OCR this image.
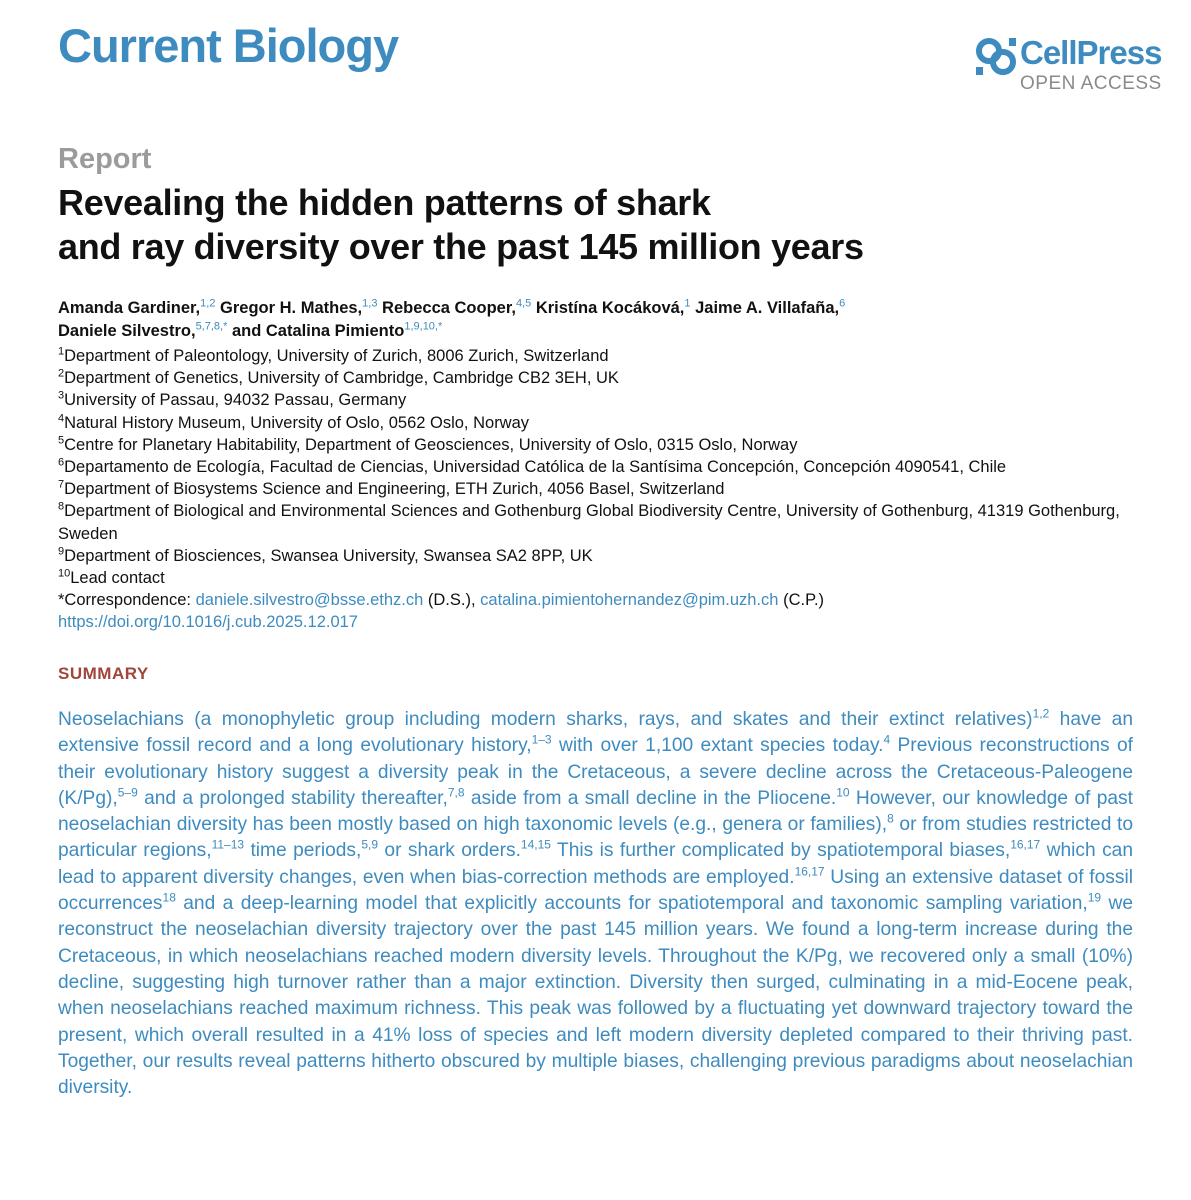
Current Biology	CellPress
OPEN ACCESS
Report
Revealing the hidden patterns of shark
and ray diversity over the past 145 million years
Amanda Gardiner,$^{1,2}$ Gregor H. Mathes,$^{1,3}$ Rebecca Cooper,$^{4,5}$ Kristína Kocáková,$^1$ Jaime A. Villafaña,$^6$
Daniele Silvestro,$^{5,7,8,*}$ and Catalina Pimiento$^{1,9,10,*}$
$^1$Department of Paleontology, University of Zurich, 8006 Zurich, Switzerland
$^2$Department of Genetics, University of Cambridge, Cambridge CB2 3EH, UK
$^3$University of Passau, 94032 Passau, Germany
$^4$Natural History Museum, University of Oslo, 0562 Oslo, Norway
$^5$Centre for Planetary Habitability, Department of Geosciences, University of Oslo, 0315 Oslo, Norway
$^6$Departamento de Ecología, Facultad de Ciencias, Universidad Católica de la Santísima Concepción, Concepción 4090541, Chile
$^7$Department of Biosystems Science and Engineering, ETH Zurich, 4056 Basel, Switzerland
$^8$Department of Biological and Environmental Sciences and Gothenburg Global Biodiversity Centre, University of Gothenburg, 41319 Gothenburg, Sweden
$^9$Department of Biosciences, Swansea University, Swansea SA2 8PP, UK
$^{10}$Lead contact
*Correspondence: daniele.silvestro@bsse.ethz.ch (D.S.), catalina.pimientohernandez@pim.uzh.ch (C.P.)
https://doi.org/10.1016/j.cub.2025.12.017
SUMMARY

Neoselachians (a monophyletic group including modern sharks, rays, and skates and their extinct relatives)$^{1,2}$ have an extensive fossil record and a long evolutionary history,$^{1-3}$ with over 1,100 extant species today.$^4$ Previous reconstructions of their evolutionary history suggest a diversity peak in the Cretaceous, a severe decline across the Cretaceous-Paleogene (K/Pg),$^{5-9}$ and a prolonged stability thereafter,$^{7,8}$ aside from a small decline in the Pliocene.$^{10}$ However, our knowledge of past neoselachian diversity has been mostly based on high taxonomic levels (e.g., genera or families),$^8$ or from studies restricted to particular regions,$^{11-13}$ time periods,$^{5,9}$ or shark orders.$^{14,15}$ This is further complicated by spatiotemporal biases,$^{16,17}$ which can lead to apparent diversity changes, even when bias-correction methods are employed.$^{16,17}$ Using an extensive dataset of fossil occurrences$^{18}$ and a deep-learning model that explicitly accounts for spatiotemporal and taxonomic sampling variation,$^{19}$ we reconstruct the neoselachian diversity trajectory over the past 145 million years. We found a long-term increase during the Cretaceous, in which neoselachians reached modern diversity levels. Throughout the K/Pg, we recovered only a small (10%) decline, suggesting high turnover rather than a major extinction. Diversity then surged, culminating in a mid-Eocene peak, when neoselachians reached maximum richness. This peak was followed by a fluctuating yet downward trajectory toward the present, which overall resulted in a 41% loss of species and left modern diversity depleted compared to their thriving past. Together, our results reveal patterns hitherto obscured by multiple biases, challenging previous paradigms about neoselachian diversity.
